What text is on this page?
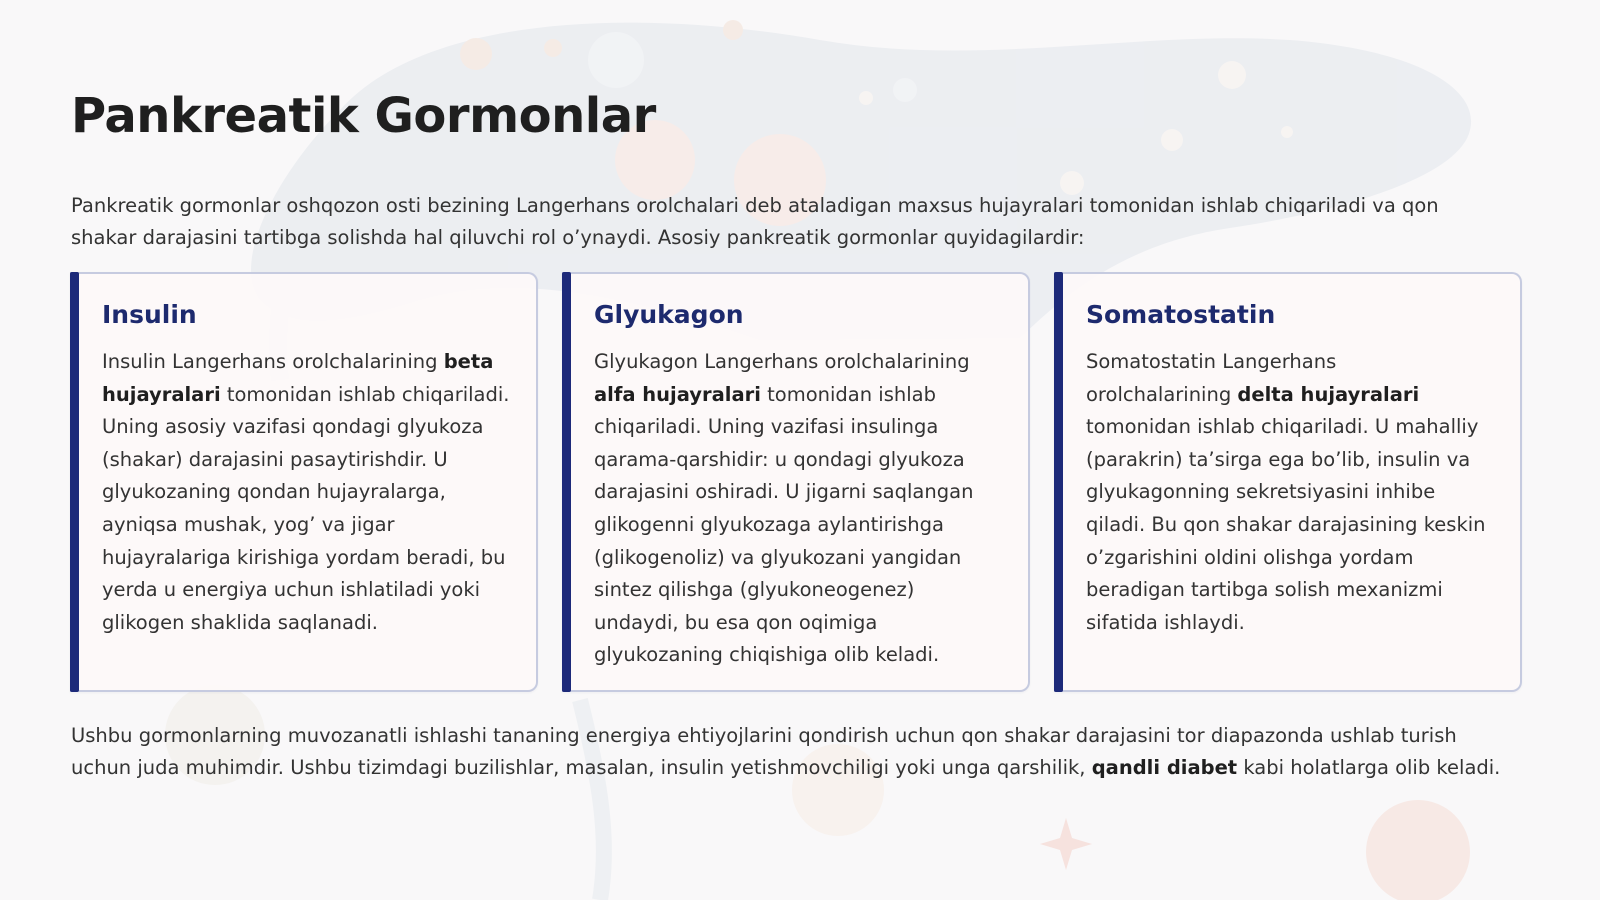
Pankreatik Gormonlar

Pankreatik gormonlar oshqozon osti bezining Langerhans orolchalari deb ataladigan maxsus hujayralari tomonidan ishlab chiqariladi va qon
shakar darajasini tartibga solishda hal qiluvchi rol o’ynaydi. Asosiy pankreatik gormonlar quyidagilardir:

Insulin

Insulin Langerhans orolchalarining beta
hujayralari tomonidan ishlab chiqariladi.
Uning asosiy vazifasi qondagi glyukoza
(shakar) darajasini pasaytirishdir. U
glyukozaning qondan hujayralarga,
ayniqsa mushak, yog’ va jigar
hujayralariga kirishiga yordam beradi, bu
yerda u energiya uchun ishlatiladi yoki
glikogen shaklida saqlanadi.

Glyukagon

Glyukagon Langerhans orolchalarining
alfa hujayralari tomonidan ishlab
chiqariladi. Uning vazifasi insulinga
qarama-qarshidir: u qondagi glyukoza
darajasini oshiradi. U jigarni saqlangan
glikogenni glyukozaga aylantirishga
(glikogenoliz) va glyukozani yangidan
sintez qilishga (glyukoneogenez)
undaydi, bu esa qon oqimiga
glyukozaning chiqishiga olib keladi.

Somatostatin

Somatostatin Langerhans
orolchalarining delta hujayralari
tomonidan ishlab chiqariladi. U mahalliy
(parakrin) ta’sirga ega bo’lib, insulin va
glyukagonning sekretsiyasini inhibe
qiladi. Bu qon shakar darajasining keskin
o’zgarishini oldini olishga yordam
beradigan tartibga solish mexanizmi
sifatida ishlaydi.

Ushbu gormonlarning muvozanatli ishlashi tananing energiya ehtiyojlarini qondirish uchun qon shakar darajasini tor diapazonda ushlab turish
uchun juda muhimdir. Ushbu tizimdagi buzilishlar, masalan, insulin yetishmovchiligi yoki unga qarshilik, qandli diabet kabi holatlarga olib keladi.
